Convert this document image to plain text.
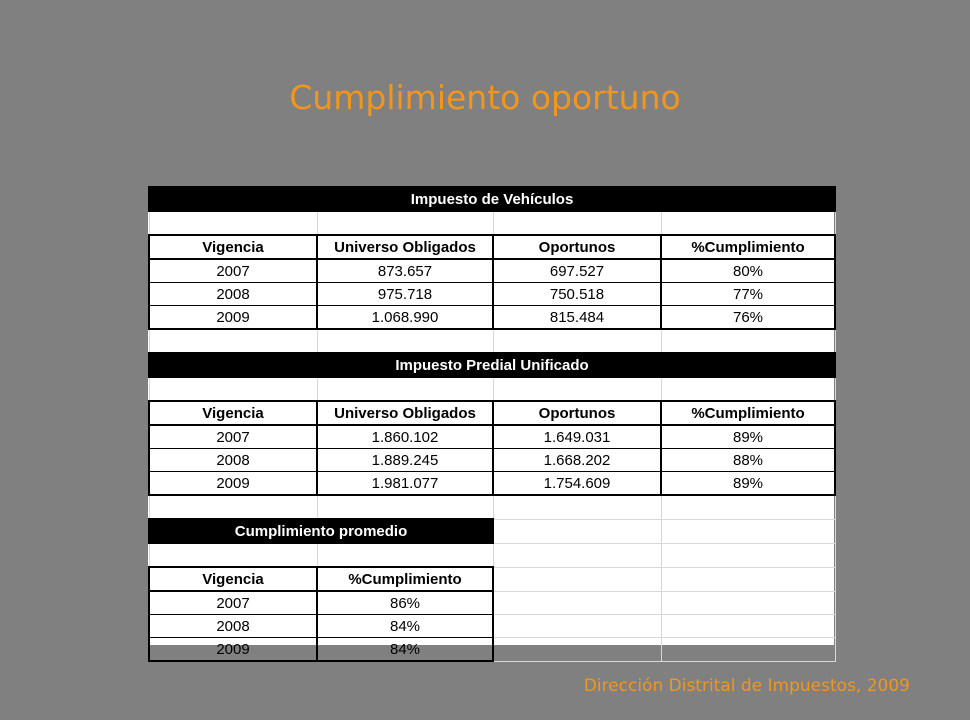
Cumplimiento oportuno
Impuesto de Vehículos			

Vigencia	Universo Obligados	Oportunos	%Cumplimiento
2007	873.657	697.527	80%
2008	975.718	750.518	77%
2009	1.068.990	815.484	76%

Impuesto Predial Unificado			

Vigencia	Universo Obligados	Oportunos	%Cumplimiento
2007	1.860.102	1.649.031	89%
2008	1.889.245	1.668.202	88%
2009	1.981.077	1.754.609	89%

Cumplimiento promedio			

Vigencia	%Cumplimiento		
2007	86%		
2008	84%		
2009	84%		
Dirección Distrital de Impuestos, 2009
